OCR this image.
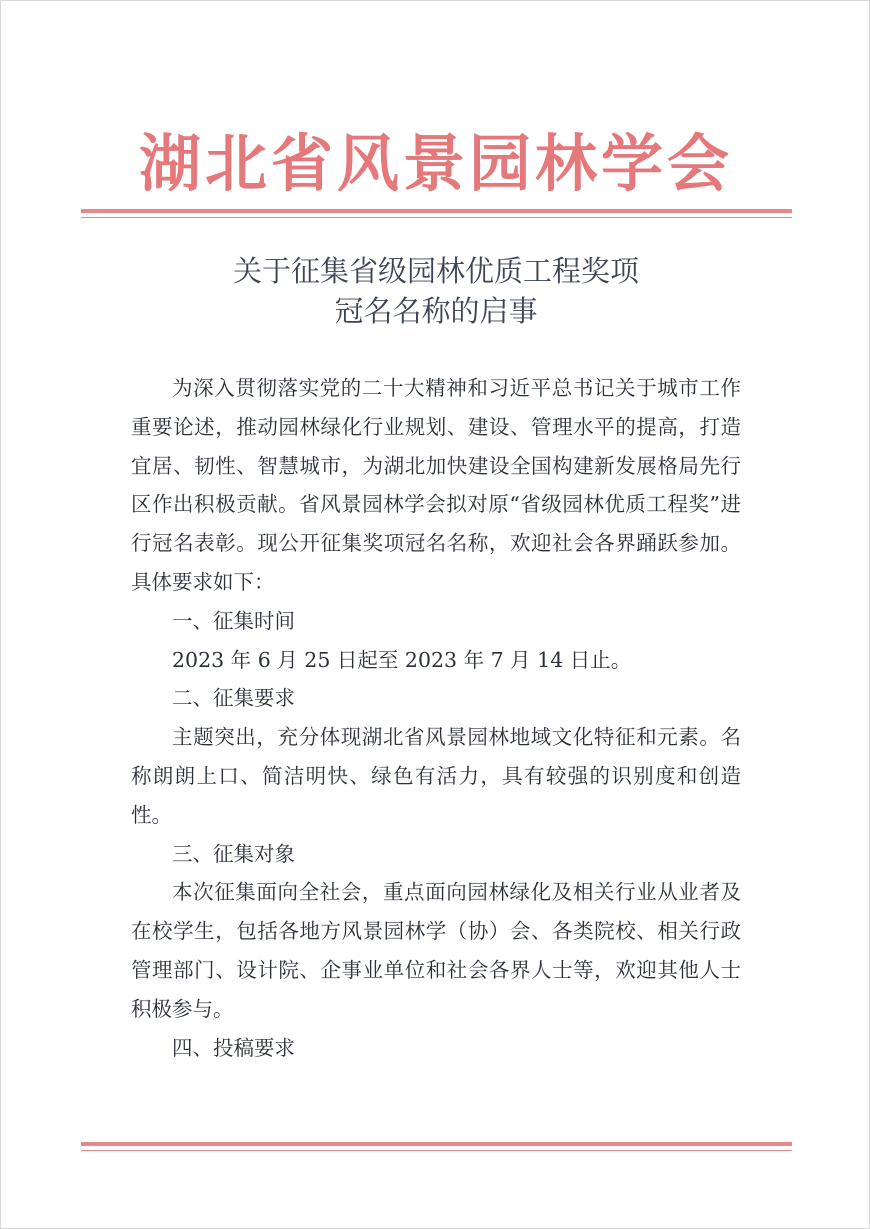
湖北省风景园林学会
关于征集省级园林优质工程奖项
冠名名称的启事

为深入贯彻落实党的二十大精神和习近平总书记关于城市工作重要论述，推动园林绿化行业规划、建设、管理水平的提高，打造宜居、韧性、智慧城市，为湖北加快建设全国构建新发展格局先行区作出积极贡献。省风景园林学会拟对原“省级园林优质工程奖”进行冠名表彰。现公开征集奖项冠名名称，欢迎社会各界踊跃参加。具体要求如下：

一、征集时间

2023 年 6 月 25 日起至 2023 年 7 月 14 日止。

二、征集要求

主题突出，充分体现湖北省风景园林地域文化特征和元素。名称朗朗上口、简洁明快、绿色有活力，具有较强的识别度和创造性。

三、征集对象

本次征集面向全社会，重点面向园林绿化及相关行业从业者及在校学生，包括各地方风景园林学（协）会、各类院校、相关行政管理部门、设计院、企事业单位和社会各界人士等，欢迎其他人士积极参与。

四、投稿要求
